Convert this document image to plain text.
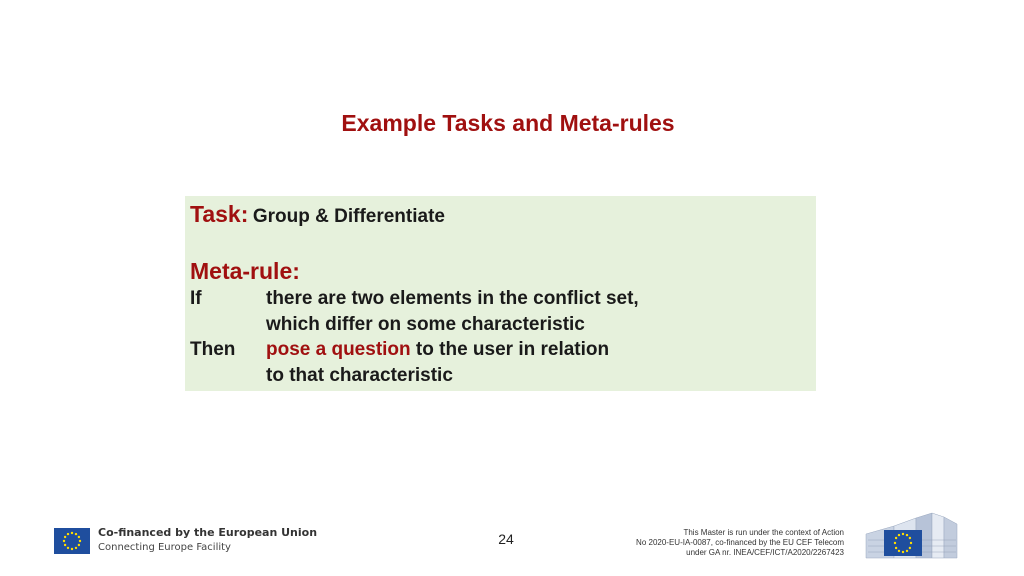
Example Tasks and Meta-rules
Task: Group & Differentiate
Meta-rule:
If	there are two elements in the conflict set,
which differ on some characteristic
Then pose a question to the user in relation
to that characteristic
Co-financed by the European Union
Connecting Europe Facility
24	This Master is run under the context of Action
No 2020-EU-IA-0087, co-financed by the EU CEF Telecom
under GA nr. INEA/CEF/ICT/A2020/2267423
